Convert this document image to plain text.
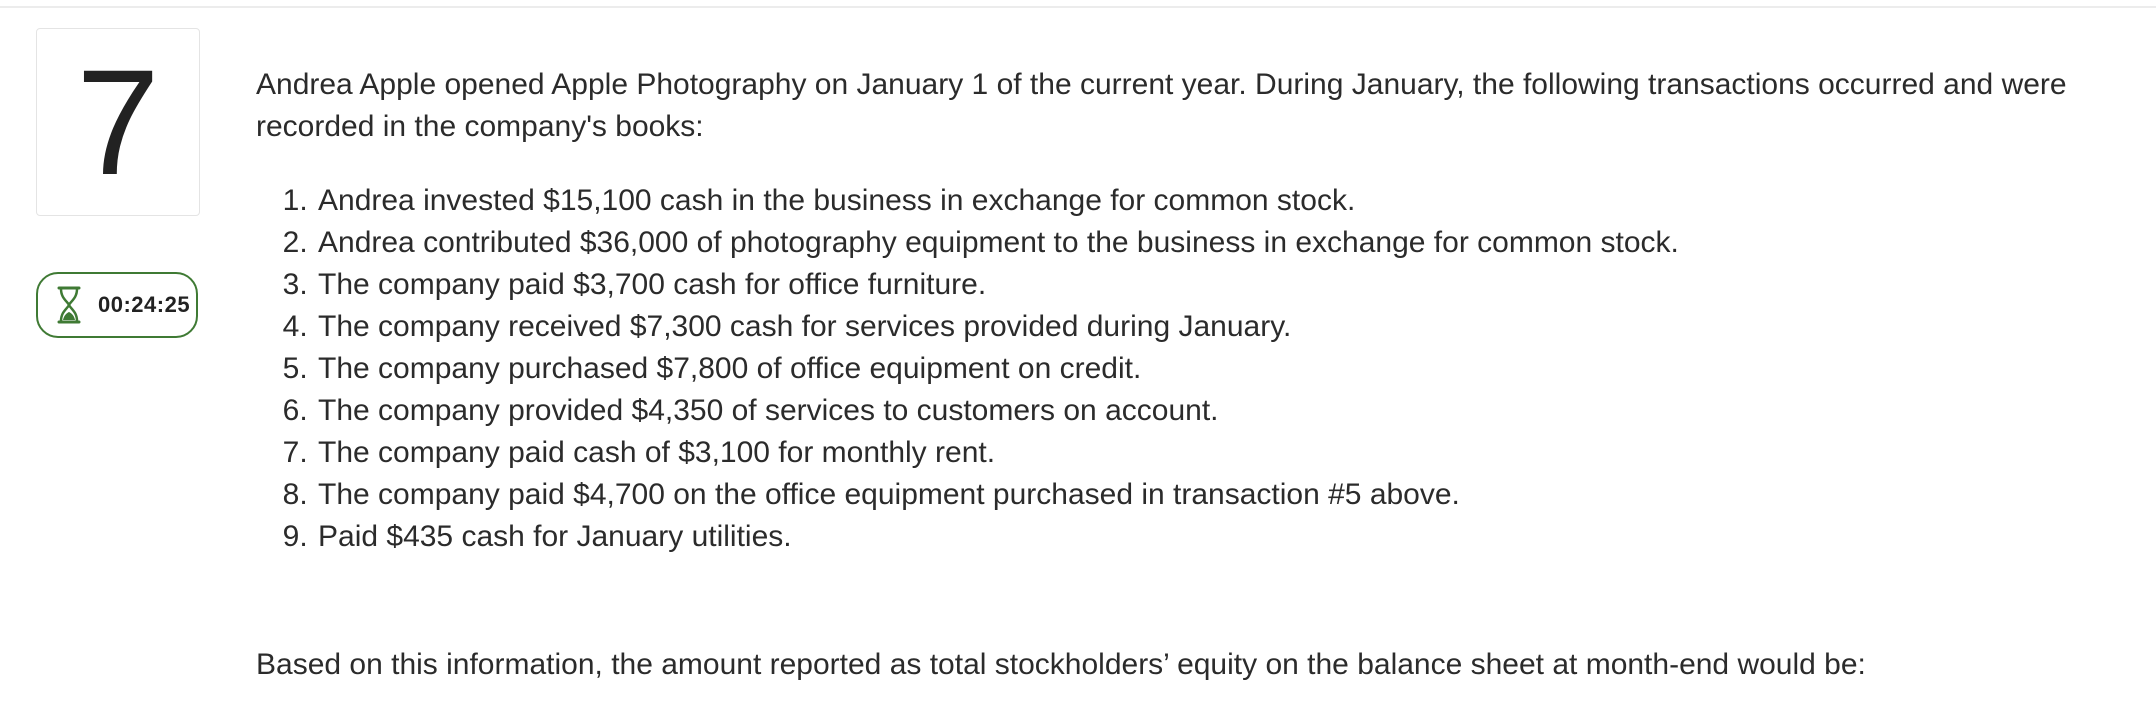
7
00:24:25

Andrea Apple opened Apple Photography on January 1 of the current year. During January, the following transactions occurred and were recorded in the company's books:

1. Andrea invested $15,100 cash in the business in exchange for common stock.
2. Andrea contributed $36,000 of photography equipment to the business in exchange for common stock.
3. The company paid $3,700 cash for office furniture.
4. The company received $7,300 cash for services provided during January.
5. The company purchased $7,800 of office equipment on credit.
6. The company provided $4,350 of services to customers on account.
7. The company paid cash of $3,100 for monthly rent.
8. The company paid $4,700 on the office equipment purchased in transaction #5 above.
9. Paid $435 cash for January utilities.

Based on this information, the amount reported as total stockholders’ equity on the balance sheet at month-end would be:
